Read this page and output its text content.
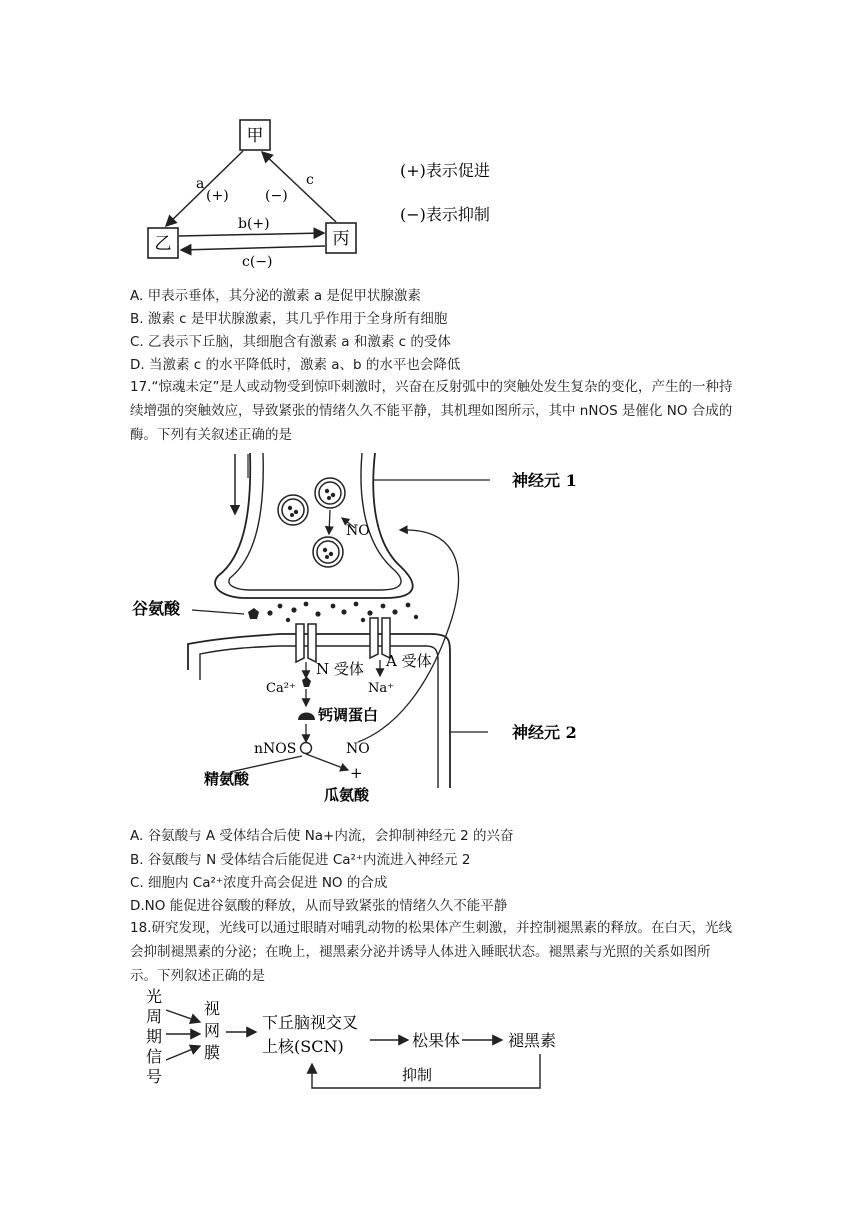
甲
乙	丙
a
(+)	(−)
c
b(+)
c(−)
(+)表示促进
(−)表示抑制
A. 甲表示垂体，其分泌的激素 a 是促甲状腺激素
B. 激素 c 是甲状腺激素，其几乎作用于全身所有细胞
C. 乙表示下丘脑，其细胞含有激素 a 和激素 c 的受体
D. 当激素 c 的水平降低时，激素 a、b 的水平也会降低
17.“惊魂未定”是人或动物受到惊吓刺激时，兴奋在反射弧中的突触处发生复杂的变化，产生的一种持续增强的突触效应，导致紧张的情绪久久不能平静，其机理如图所示，其中 nNOS 是催化 NO 合成的酶。下列有关叙述正确的是
NO
神经元 1
谷氨酸
N 受体 A 受体
Ca²⁺	Na⁺
钙调蛋白
nNOS	NO
精氨酸	+
瓜氨酸
神经元 2
A. 谷氨酸与 A 受体结合后使 Na+内流，会抑制神经元 2 的兴奋
B. 谷氨酸与 N 受体结合后能促进 Ca²⁺内流进入神经元 2
C. 细胞内 Ca²⁺浓度升高会促进 NO 的合成
D.NO 能促进谷氨酸的释放，从而导致紧张的情绪久久不能平静
18.研究发现，光线可以通过眼睛对哺乳动物的松果体产生刺激，并控制褪黑素的释放。在白天，光线会抑制褪黑素的分泌；在晚上，褪黑素分泌并诱导人体进入睡眠状态。褪黑素与光照的关系如图所示。下列叙述正确的是
光
周
期
信
号
视
网
膜
下丘脑视交叉
上核(SCN)	松果体	褪黑素
抑制
